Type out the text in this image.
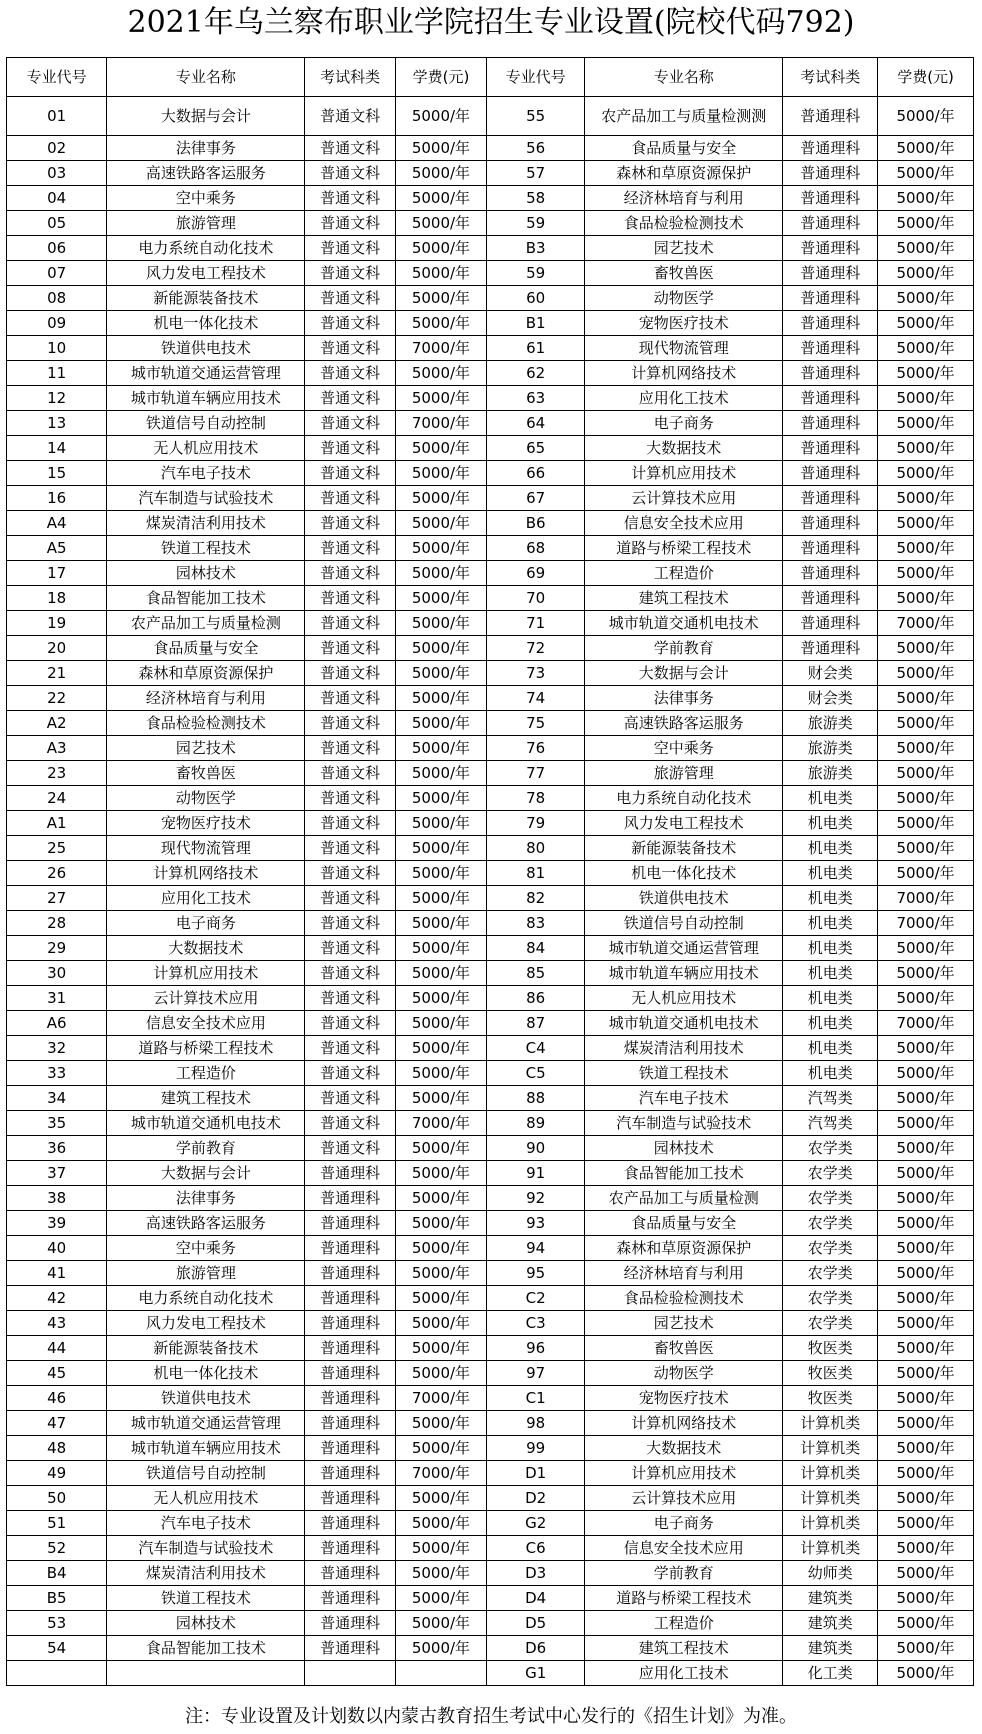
2021年乌兰察布职业学院招生专业设置(院校代码792)
专业代号	专业名称	考试科类	学费(元)	专业代号	专业名称	考试科类	学费(元)
01	大数据与会计	普通文科	5000/年	55	农产品加工与质量检测测	普通理科	5000/年
02	法律事务	普通文科	5000/年	56	食品质量与安全	普通理科	5000/年
03	高速铁路客运服务	普通文科	5000/年	57	森林和草原资源保护	普通理科	5000/年
04	空中乘务	普通文科	5000/年	58	经济林培育与利用	普通理科	5000/年
05	旅游管理	普通文科	5000/年	59	食品检验检测技术	普通理科	5000/年
06	电力系统自动化技术	普通文科	5000/年	B3	园艺技术	普通理科	5000/年
07	风力发电工程技术	普通文科	5000/年	59	畜牧兽医	普通理科	5000/年
08	新能源装备技术	普通文科	5000/年	60	动物医学	普通理科	5000/年
09	机电一体化技术	普通文科	5000/年	B1	宠物医疗技术	普通理科	5000/年
10	铁道供电技术	普通文科	7000/年	61	现代物流管理	普通理科	5000/年
11	城市轨道交通运营管理	普通文科	5000/年	62	计算机网络技术	普通理科	5000/年
12	城市轨道车辆应用技术	普通文科	5000/年	63	应用化工技术	普通理科	5000/年
13	铁道信号自动控制	普通文科	7000/年	64	电子商务	普通理科	5000/年
14	无人机应用技术	普通文科	5000/年	65	大数据技术	普通理科	5000/年
15	汽车电子技术	普通文科	5000/年	66	计算机应用技术	普通理科	5000/年
16	汽车制造与试验技术	普通文科	5000/年	67	云计算技术应用	普通理科	5000/年
A4	煤炭清洁利用技术	普通文科	5000/年	B6	信息安全技术应用	普通理科	5000/年
A5	铁道工程技术	普通文科	5000/年	68	道路与桥梁工程技术	普通理科	5000/年
17	园林技术	普通文科	5000/年	69	工程造价	普通理科	5000/年
18	食品智能加工技术	普通文科	5000/年	70	建筑工程技术	普通理科	5000/年
19	农产品加工与质量检测	普通文科	5000/年	71	城市轨道交通机电技术	普通理科	7000/年
20	食品质量与安全	普通文科	5000/年	72	学前教育	普通理科	5000/年
21	森林和草原资源保护	普通文科	5000/年	73	大数据与会计	财会类	5000/年
22	经济林培育与利用	普通文科	5000/年	74	法律事务	财会类	5000/年
A2	食品检验检测技术	普通文科	5000/年	75	高速铁路客运服务	旅游类	5000/年
A3	园艺技术	普通文科	5000/年	76	空中乘务	旅游类	5000/年
23	畜牧兽医	普通文科	5000/年	77	旅游管理	旅游类	5000/年
24	动物医学	普通文科	5000/年	78	电力系统自动化技术	机电类	5000/年
A1	宠物医疗技术	普通文科	5000/年	79	风力发电工程技术	机电类	5000/年
25	现代物流管理	普通文科	5000/年	80	新能源装备技术	机电类	5000/年
26	计算机网络技术	普通文科	5000/年	81	机电一体化技术	机电类	5000/年
27	应用化工技术	普通文科	5000/年	82	铁道供电技术	机电类	7000/年
28	电子商务	普通文科	5000/年	83	铁道信号自动控制	机电类	7000/年
29	大数据技术	普通文科	5000/年	84	城市轨道交通运营管理	机电类	5000/年
30	计算机应用技术	普通文科	5000/年	85	城市轨道车辆应用技术	机电类	5000/年
31	云计算技术应用	普通文科	5000/年	86	无人机应用技术	机电类	5000/年
A6	信息安全技术应用	普通文科	5000/年	87	城市轨道交通机电技术	机电类	7000/年
32	道路与桥梁工程技术	普通文科	5000/年	C4	煤炭清洁利用技术	机电类	5000/年
33	工程造价	普通文科	5000/年	C5	铁道工程技术	机电类	5000/年
34	建筑工程技术	普通文科	5000/年	88	汽车电子技术	汽驾类	5000/年
35	城市轨道交通机电技术	普通文科	7000/年	89	汽车制造与试验技术	汽驾类	5000/年
36	学前教育	普通文科	5000/年	90	园林技术	农学类	5000/年
37	大数据与会计	普通理科	5000/年	91	食品智能加工技术	农学类	5000/年
38	法律事务	普通理科	5000/年	92	农产品加工与质量检测	农学类	5000/年
39	高速铁路客运服务	普通理科	5000/年	93	食品质量与安全	农学类	5000/年
40	空中乘务	普通理科	5000/年	94	森林和草原资源保护	农学类	5000/年
41	旅游管理	普通理科	5000/年	95	经济林培育与利用	农学类	5000/年
42	电力系统自动化技术	普通理科	5000/年	C2	食品检验检测技术	农学类	5000/年
43	风力发电工程技术	普通理科	5000/年	C3	园艺技术	农学类	5000/年
44	新能源装备技术	普通理科	5000/年	96	畜牧兽医	牧医类	5000/年
45	机电一体化技术	普通理科	5000/年	97	动物医学	牧医类	5000/年
46	铁道供电技术	普通理科	7000/年	C1	宠物医疗技术	牧医类	5000/年
47	城市轨道交通运营管理	普通理科	5000/年	98	计算机网络技术	计算机类	5000/年
48	城市轨道车辆应用技术	普通理科	5000/年	99	大数据技术	计算机类	5000/年
49	铁道信号自动控制	普通理科	7000/年	D1	计算机应用技术	计算机类	5000/年
50	无人机应用技术	普通理科	5000/年	D2	云计算技术应用	计算机类	5000/年
51	汽车电子技术	普通理科	5000/年	G2	电子商务	计算机类	5000/年
52	汽车制造与试验技术	普通理科	5000/年	C6	信息安全技术应用	计算机类	5000/年
B4	煤炭清洁利用技术	普通理科	5000/年	D3	学前教育	幼师类	5000/年
B5	铁道工程技术	普通理科	5000/年	D4	道路与桥梁工程技术	建筑类	5000/年
53	园林技术	普通理科	5000/年	D5	工程造价	建筑类	5000/年
54	食品智能加工技术	普通理科	5000/年	D6	建筑工程技术	建筑类	5000/年
				G1	应用化工技术	化工类	5000/年
注：专业设置及计划数以内蒙古教育招生考试中心发行的《招生计划》为准。
